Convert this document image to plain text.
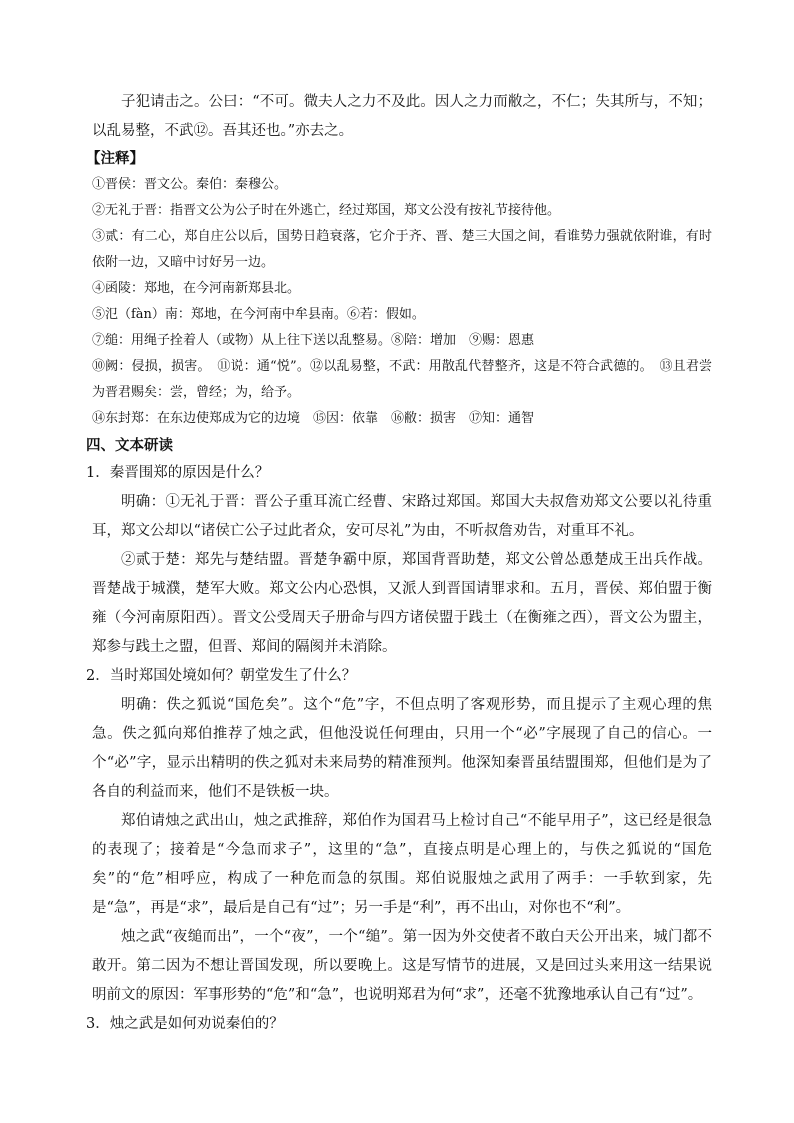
子犯请击之。公曰：“不可。微夫人之力不及此。因人之力而敝之，不仁；失其所与，不知；以乱易整，不武⑫。吾其还也。”亦去之。

【注释】

①晋侯：晋文公。秦伯：秦穆公。

②无礼于晋：指晋文公为公子时在外逃亡，经过郑国，郑文公没有按礼节接待他。

③贰：有二心，郑自庄公以后，国势日趋衰落，它介于齐、晋、楚三大国之间，看谁势力强就依附谁，有时依附一边，又暗中讨好另一边。

④函陵：郑地，在今河南新郑县北。

⑤氾（fàn）南：郑地，在今河南中牟县南。⑥若：假如。

⑦缒：用绳子拴着人（或物）从上往下送以乱整易。⑧陪：增加　⑨赐：恩惠

⑩阙：侵损，损害。　⑪说：通“悦”。⑫以乱易整，不武：用散乱代替整齐，这是不符合武德的。　⑬且君尝为晋君赐矣：尝，曾经；为，给予。

⑭东封郑：在东边使郑成为它的边境　⑮因：依靠　⑯敝：损害　⑰知：通智

四、文本研读

1．秦晋围郑的原因是什么？

明确：①无礼于晋：晋公子重耳流亡经曹、宋路过郑国。郑国大夫叔詹劝郑文公要以礼待重耳，郑文公却以“诸侯亡公子过此者众，安可尽礼”为由，不听叔詹劝告，对重耳不礼。

②贰于楚：郑先与楚结盟。晋楚争霸中原，郑国背晋助楚，郑文公曾怂恿楚成王出兵作战。晋楚战于城濮，楚军大败。郑文公内心恐惧，又派人到晋国请罪求和。五月，晋侯、郑伯盟于衡雍（今河南原阳西）。晋文公受周天子册命与四方诸侯盟于践土（在衡雍之西），晋文公为盟主，郑参与践土之盟，但晋、郑间的隔阂并未消除。

2．当时郑国处境如何？朝堂发生了什么？

明确：佚之狐说“国危矣”。这个“危”字，不但点明了客观形势，而且提示了主观心理的焦急。佚之狐向郑伯推荐了烛之武，但他没说任何理由，只用一个“必”字展现了自己的信心。一个“必”字，显示出精明的佚之狐对未来局势的精准预判。他深知秦晋虽结盟围郑，但他们是为了各自的利益而来，他们不是铁板一块。

郑伯请烛之武出山，烛之武推辞，郑伯作为国君马上检讨自己“不能早用子”，这已经是很急的表现了；接着是“今急而求子”，这里的“急”，直接点明是心理上的，与佚之狐说的“国危矣”的“危”相呼应，构成了一种危而急的氛围。郑伯说服烛之武用了两手：一手软到家，先是“急”，再是“求”，最后是自己有“过”；另一手是“利”，再不出山，对你也不“利”。

烛之武“夜缒而出”，一个“夜”，一个“缒”。第一因为外交使者不敢白天公开出来，城门都不敢开。第二因为不想让晋国发现，所以要晚上。这是写情节的进展，又是回过头来用这一结果说明前文的原因：军事形势的“危”和“急”，也说明郑君为何“求”，还毫不犹豫地承认自己有“过”。

3．烛之武是如何劝说秦伯的？
